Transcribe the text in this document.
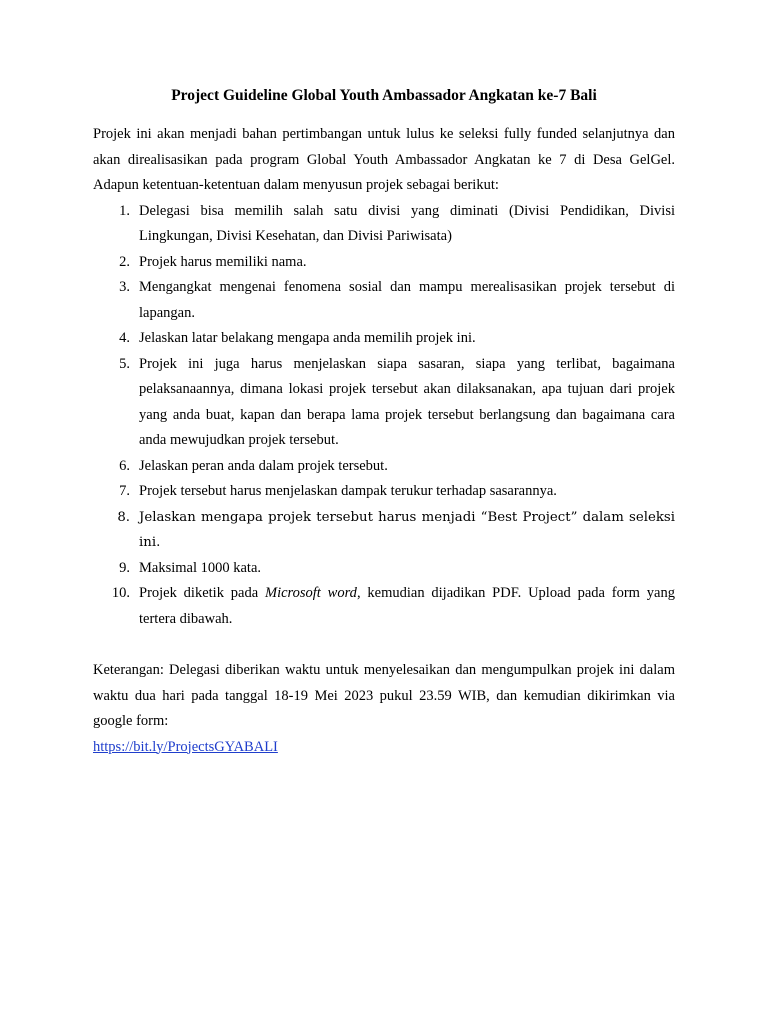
Project Guideline Global Youth Ambassador Angkatan ke-7 Bali

Projek ini akan menjadi bahan pertimbangan untuk lulus ke seleksi fully funded selanjutnya dan akan direalisasikan pada program Global Youth Ambassador Angkatan ke 7 di Desa GelGel. Adapun ketentuan-ketentuan dalam menyusun projek sebagai berikut:

1. Delegasi bisa memilih salah satu divisi yang diminati (Divisi Pendidikan, Divisi Lingkungan, Divisi Kesehatan, dan Divisi Pariwisata)
2. Projek harus memiliki nama.
3. Mengangkat mengenai fenomena sosial dan mampu merealisasikan projek tersebut di lapangan.
4. Jelaskan latar belakang mengapa anda memilih projek ini.
5. Projek ini juga harus menjelaskan siapa sasaran, siapa yang terlibat, bagaimana pelaksanaannya, dimana lokasi projek tersebut akan dilaksanakan, apa tujuan dari projek yang anda buat, kapan dan berapa lama projek tersebut berlangsung dan bagaimana cara anda mewujudkan projek tersebut.
6. Jelaskan peran anda dalam projek tersebut.
7. Projek tersebut harus menjelaskan dampak terukur terhadap sasarannya.
8. Jelaskan mengapa projek tersebut harus menjadi “Best Project” dalam seleksi ini.
9. Maksimal 1000 kata.
10. Projek diketik pada Microsoft word, kemudian dijadikan PDF. Upload pada form yang tertera dibawah.

Keterangan: Delegasi diberikan waktu untuk menyelesaikan dan mengumpulkan projek ini dalam waktu dua hari pada tanggal 18-19 Mei 2023 pukul 23.59 WIB, dan kemudian dikirimkan via google form:

https://bit.ly/ProjectsGYABALI
